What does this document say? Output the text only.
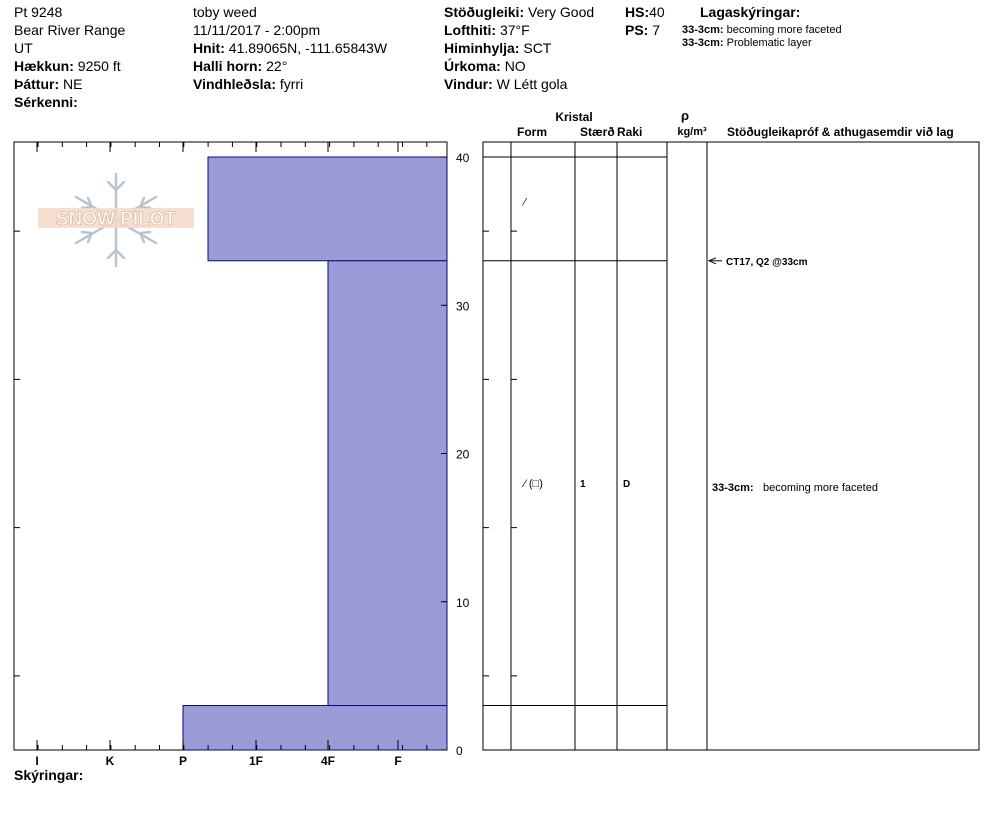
Pt 9248
Bear River Range
UT
Hækkun: 9250 ft
Þáttur: NE
Sérkenni:
toby weed
11/11/2017 - 2:00pm
Hnit: 41.89065N, -111.65843W
Halli horn: 22°
Vindhleðsla: fyrri
Stöðugleiki: Very Good
Lofthiti: 37°F
Himinhylja: SCT
Úrkoma: NO
Vindur: W Létt gola
HS:40
PS: 7
Lagaskýringar:
33-3cm: becoming more faceted
33-3cm: Problematic layer
Skýringar:
SNOW PILOT
Kristal
Form	Stærð Raki
ρ
kg/m³ Stöðugleikapróf & athugasemdir við lag
0
10
20
30
40
I	K	P	1F	4F	F
⁄
⁄ (□)	1	D
CT17, Q2 @33cm
33-3cm: becoming more faceted
